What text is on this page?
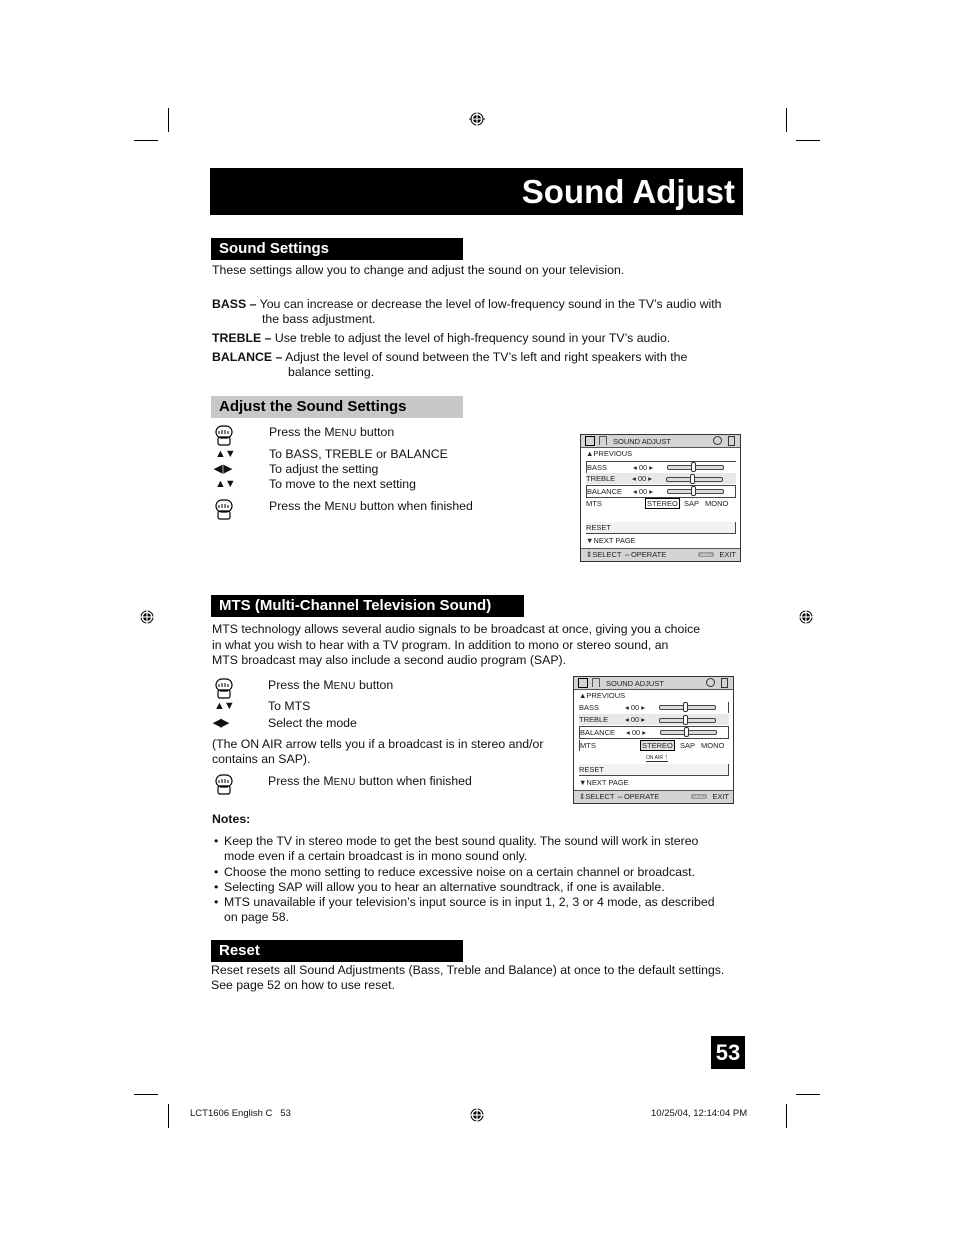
Sound Adjust
Sound Settings
These settings allow you to change and adjust the sound on your television.
BASS – You can increase or decrease the level of low-frequency sound in the TV’s audio with
the bass adjustment.
TREBLE – Use treble to adjust the level of high-frequency sound in your TV’s audio.
BALANCE – Adjust the level of sound between the TV’s left and right speakers with the
balance setting.
Adjust the Sound Settings
Press the MENU button
▲▼	To BASS, TREBLE or BALANCE
◀ ▶	To adjust the setting
▲▼	To move to the next setting
Press the MENU button when finished
SOUND ADJUST
▲PREVIOUS
BASS	◂ 00 ▸
TREBLE ◂ 00 ▸
BALANCE ◂ 00 ▸
MTS	STEREO SAP MONO
RESET
▼NEXT PAGE
⇕SELECT ⇔OPERATE	MENU EXIT
MTS (Multi-Channel Television Sound)
MTS technology allows several audio signals to be broadcast at once, giving you a choice
in what you wish to hear with a TV program. In addition to mono or stereo sound, an
MTS broadcast may also include a second audio program (SAP).
Press the MENU button
▲▼	To MTS
◀▶	Select the mode
(The ON AIR arrow tells you if a broadcast is in stereo and/or
contains an SAP).
Press the MENU button when finished
SOUND ADJUST
▲PREVIOUS
BASS	◂ 00 ▸
TREBLE ◂ 00 ▸
BALANCE ◂ 00 ▸
MTS	STEREO SAP MONO
ON AIR ↑
RESET
▼NEXT PAGE
⇕SELECT ⇔OPERATE	MENU EXIT
Notes:
• Keep the TV in stereo mode to get the best sound quality. The sound will work in stereo
mode even if a certain broadcast is in mono sound only.
• Choose the mono setting to reduce excessive noise on a certain channel or broadcast.
• Selecting SAP will allow you to hear an alternative soundtrack, if one is available.
• MTS unavailable if your television’s input source is in input 1, 2, 3 or 4 mode, as described
on page 58.
Reset
Reset resets all Sound Adjustments (Bass, Treble and Balance) at once to the default settings.
See page 52 on how to use reset.
53
LCT1606 English C   53	10/25/04, 12:14:04 PM
